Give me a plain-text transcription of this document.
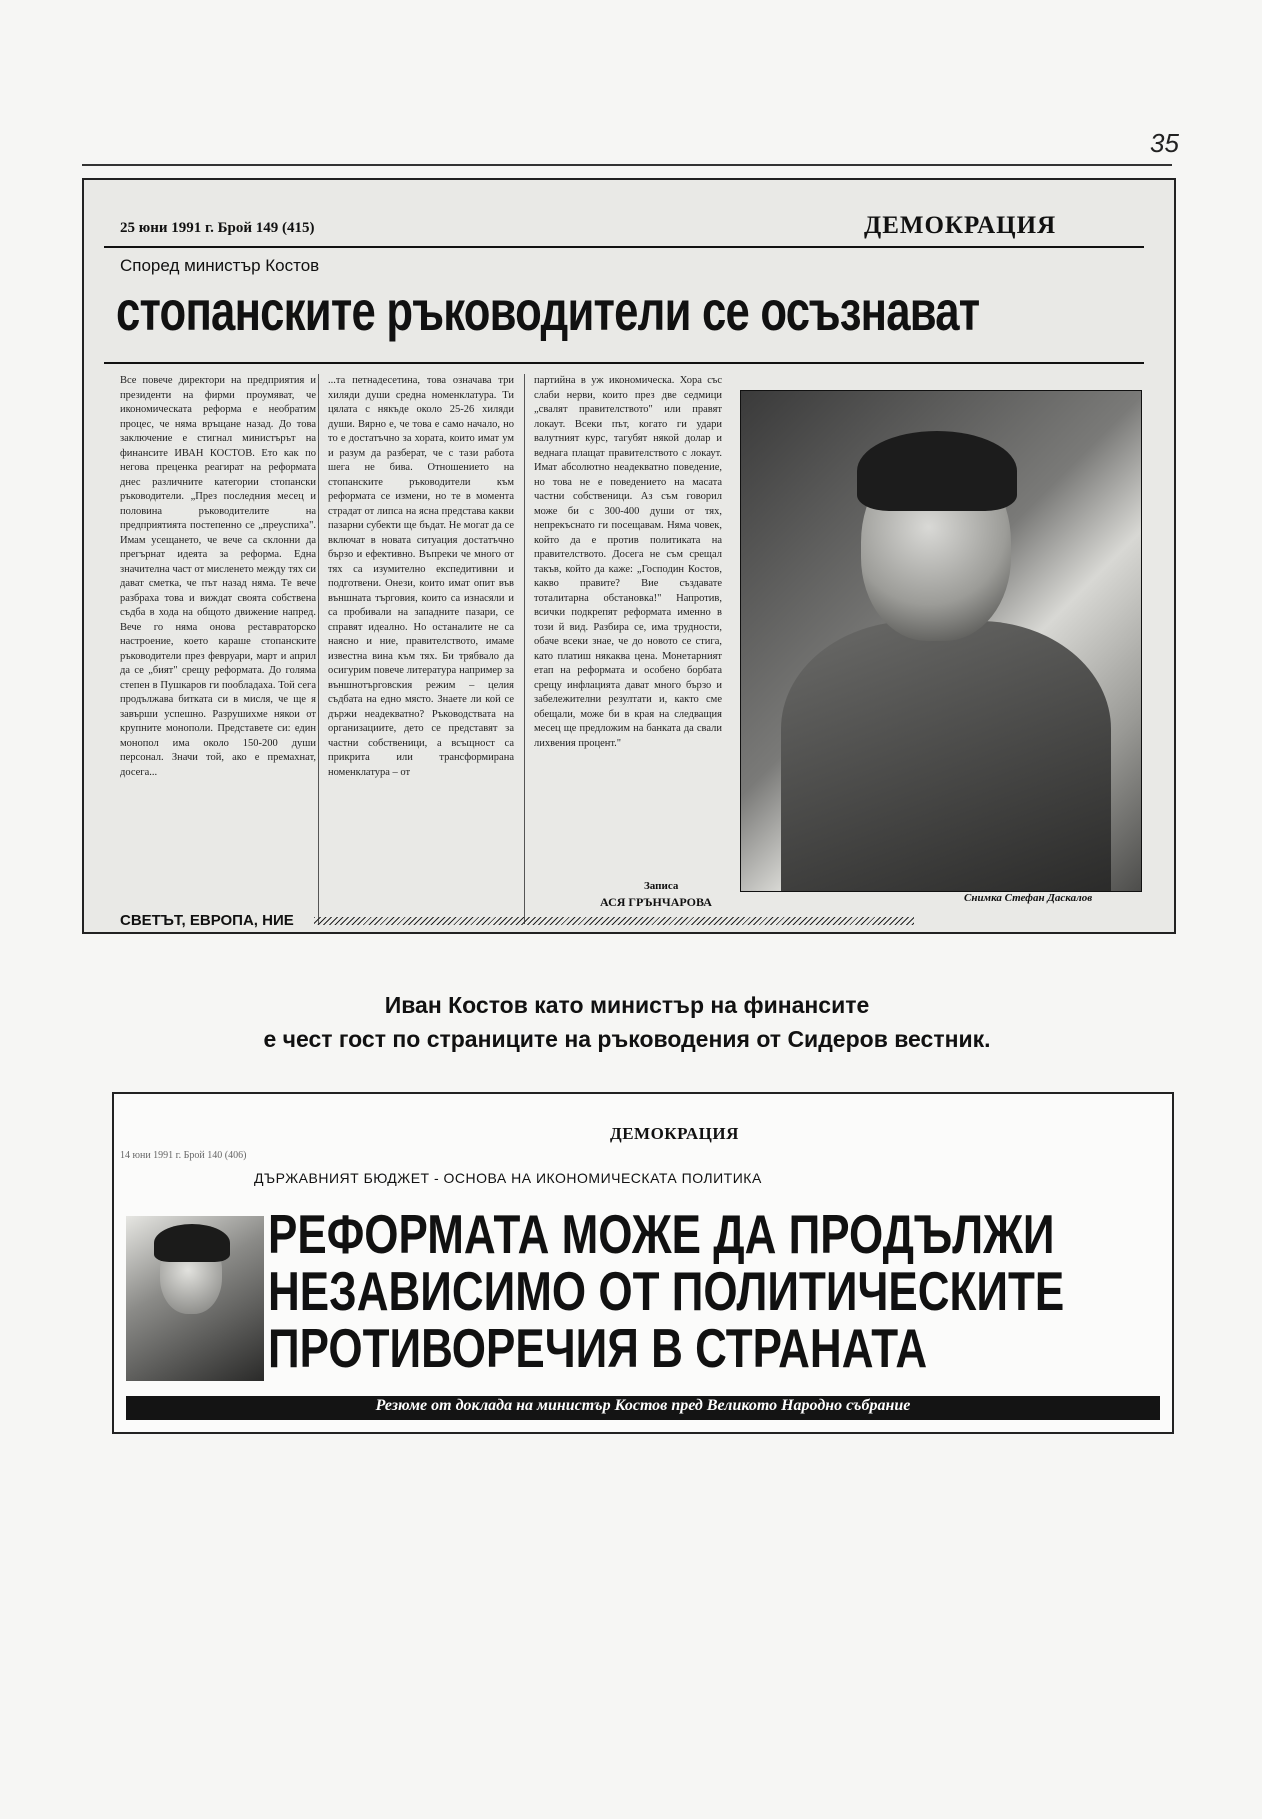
35
25 юни 1991 г. Брой 149 (415)	ДЕМОКРАЦИЯ
Според министър Костов
стопанските ръководители се осъзнават
Все повече директори на предприятия и президенти на фирми проумяват, че икономическата реформа е необратим процес, че няма връщане назад. До това заключение е стигнал министърът на финансите ИВАН КОСТОВ. Ето как по негова преценка реагират на реформата днес различните категории стопански ръководители. „През последния месец и половина ръководителите на предприятията постепенно се „преуспиха". Имам усещането, че вече са склонни да прегърнат идеята за реформа. Една значителна част от мисленето между тях си дават сметка, че път назад няма. Те вече разбраха това и виждат своята собствена съдба в хода на общото движение напред. Вече го няма онова реставраторско настроение, което караше стопанските ръководители през февруари, март и април да се „бият" срещу реформата. До голяма степен в Пушкаров ги пообладаха. Той сега продължава битката си в мисля, че ще я завърши успешно. Разрушихме някои от крупните монополи. Представете си: един монопол има около 150-200 души персонал. Значи той, ако е премахнат, досега...
...та петнадесетина, това означава три хиляди души средна номенклатура. Ти цялата с някъде около 25-26 хиляди души. Вярно е, че това е само начало, но то е достатъчно за хората, които имат ум и разум да разберат, че с тази работа шега не бива. Отношението на стопанските ръководители към реформата се измени, но те в момента страдат от липса на ясна представа какви пазарни субекти ще бъдат. Не могат да се включат в новата ситуация достатъчно бързо и ефективно. Въпреки че много от тях са изумително експедитивни и подготвени. Онези, които имат опит във външната търговия, които са изнасяли и са пробивали на западните пазари, се справят идеално. Но останалите не са наясно и ние, правителството, имаме известна вина към тях. Би трябвало да осигурим повече литература например за външнотърговския режим – целия съдбата на едно място. Знаете ли кой се държи неадекватно? Ръководствата на организациите, дето се представят за частни собственици, а всъщност са прикрита или трансформирана номенклатура – от
партийна в уж икономическа. Хора със слаби нерви, които през две седмици „свалят правителството" или правят локаут. Всеки път, когато ги удари валутният курс, тагубят някой долар и веднага плащат правителството с локаут. Имат абсолютно неадекватно поведение, но това не е поведението на масата частни собственици. Аз съм говорил може би с 300-400 души от тях, непрекъснато ги посещавам. Няма човек, който да е против политиката на правителството. Досега не съм срещал такъв, който да каже: „Господин Костов, какво правите? Вие създавате тоталитарна обстановка!" Напротив, всички подкрепят реформата именно в този й вид. Разбира се, има трудности, обаче всеки знае, че до новото се стига, като платиш някаква цена. Монетарният етап на реформата и особено борбата срещу инфлацията дават много бързо и забележителни резултати и, както сме обещали, може би в края на следващия месец ще предложим на банката да свали лихвения процент."
Снимка Стефан Даскалов
Записа
АСЯ ГРЪНЧАРОВА
СВЕТЪТ, ЕВРОПА, НИЕ
Иван Костов като министър на финансите
е чест гост по страниците на ръководения от Сидеров вестник.
ДЕМОКРАЦИЯ
14 юни 1991 г. Брой 140 (406)
ДЪРЖАВНИЯТ БЮДЖЕТ - ОСНОВА НА ИКОНОМИЧЕСКАТА ПОЛИТИКА
РЕФОРМАТА МОЖЕ ДА ПРОДЪЛЖИ
НЕЗАВИСИМО ОТ ПОЛИТИЧЕСКИТЕ
ПРОТИВОРЕЧИЯ В СТРАНАТА
Резюме от доклада на министър Костов пред Великото Народно събрание
